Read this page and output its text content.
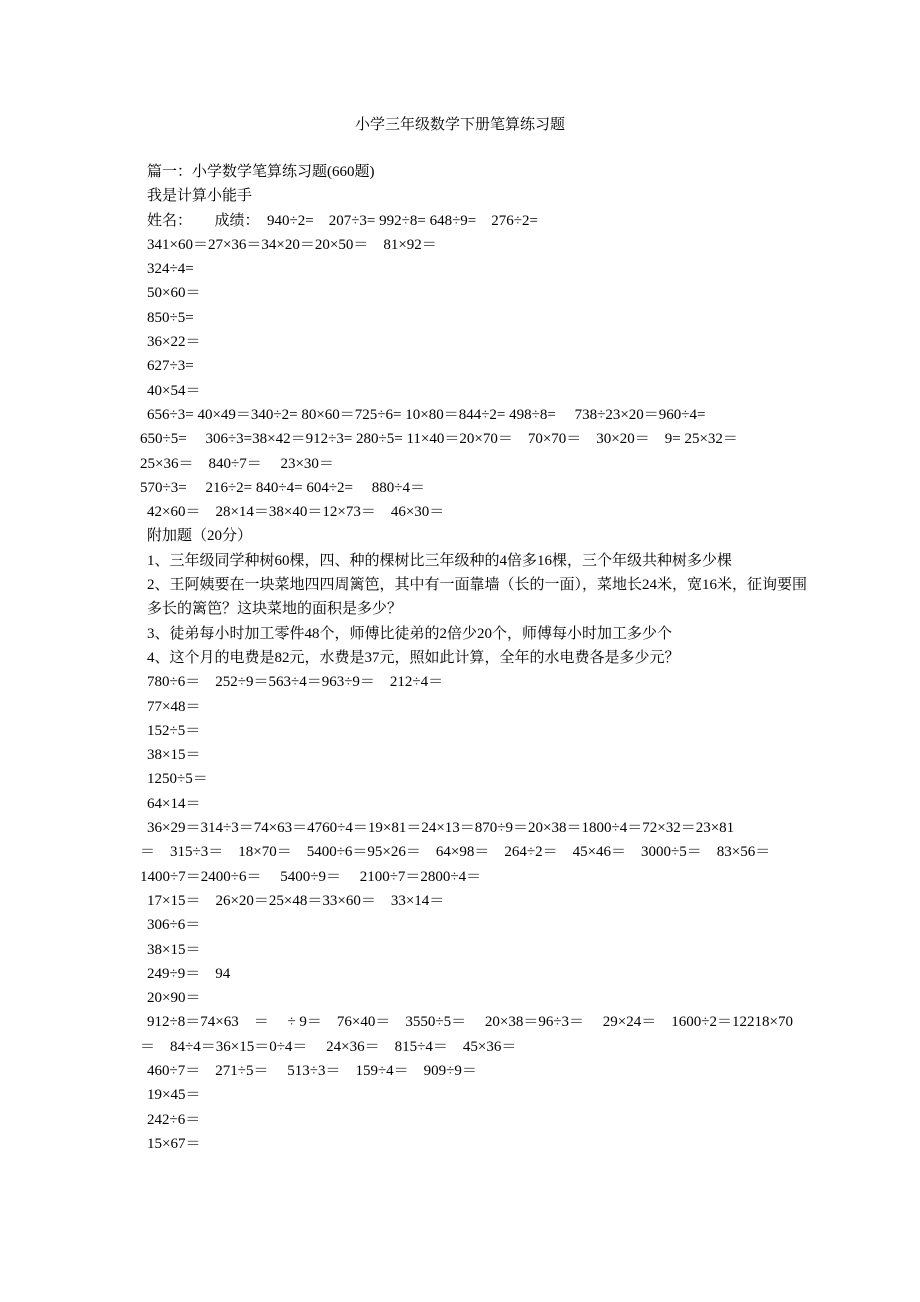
小学三年级数学下册笔算练习题
篇一：小学数学笔算练习题(660题)
我是计算小能手
姓名：　　成绩：　940÷2=　207÷3= 992÷8= 648÷9=　276÷2=
341×60＝27×36＝34×20＝20×50＝　81×92＝
324÷4=
50×60＝
850÷5=
36×22＝
627÷3=
40×54＝
656÷3= 40×49＝340÷2= 80×60＝725÷6= 10×80＝844÷2= 498÷8=　 738÷23×20＝960÷4=
650÷5=　 306÷3=38×42＝912÷3= 280÷5= 11×40＝20×70＝　70×70＝　30×20＝　9= 25×32＝
25×36＝　840÷7＝　 23×30＝
570÷3=　 216÷2= 840÷4= 604÷2=　 880÷4＝
42×60＝　28×14＝38×40＝12×73＝　46×30＝
附加题（20分）
1、三年级同学种树60棵，四、种的棵树比三年级种的4倍多16棵，三个年级共种树多少棵
2、王阿姨要在一块菜地四四周篱笆，其中有一面靠墙（长的一面），菜地长24米，宽16米，征询要围多长的篱笆？这块菜地的面积是多少？
3、徒弟每小时加工零件48个，师傅比徒弟的2倍少20个，师傅每小时加工多少个
4、这个月的电费是82元，水费是37元，照如此计算，全年的水电费各是多少元？
780÷6＝　252÷9＝563÷4＝963÷9＝　212÷4＝
77×48＝
152÷5＝
38×15＝
1250÷5＝
64×14＝
36×29＝314÷3＝74×63＝4760÷4＝19×81＝24×13＝870÷9＝20×38＝1800÷4＝72×32＝23×81
＝　315÷3＝　18×70＝　5400÷6＝95×26＝　64×98＝　264÷2＝　45×46＝　3000÷5＝　83×56＝
1400÷7＝2400÷6＝　 5400÷9＝　 2100÷7＝2800÷4＝
17×15＝　26×20＝25×48＝33×60＝　33×14＝
306÷6＝
38×15＝
249÷9＝　94
20×90＝
912÷8＝74×63　＝　 ÷ 9＝　76×40＝　3550÷5＝　 20×38＝96÷3＝　 29×24＝　1600÷2＝12218×70
＝　84÷4＝36×15＝0÷4＝　 24×36＝　815÷4＝　45×36＝
460÷7＝　271÷5＝　 513÷3＝　159÷4＝　909÷9＝
19×45＝
242÷6＝
15×67＝
